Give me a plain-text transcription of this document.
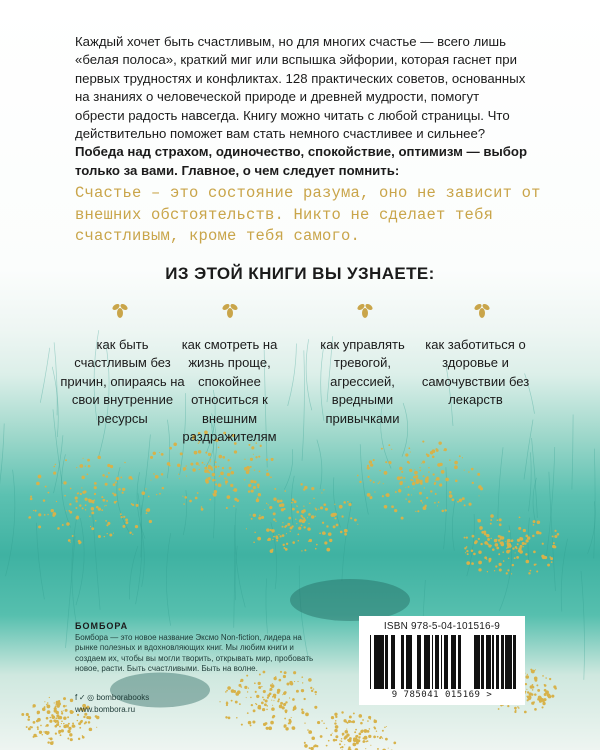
Каждый хочет быть счастливым, но для многих счастье — всего лишь «белая полоса», краткий миг или вспышка эйфории, которая гаснет при первых трудностях и конфликтах. 128 практических советов, основанных на знаниях о человеческой природе и древней мудрости, помогут обрести радость навсегда. Книгу можно читать с любой страницы. Что действительно поможет вам стать немного счастливее и сильнее? Победа над страхом, одиночество, спокойствие, оптимизм — выбор только за вами. Главное, о чем следует помнить:

Счастье – это состояние разума, оно не зависит от внешних обстоятельств. Никто не сделает тебя счастливым, кроме тебя самого.

ИЗ ЭТОЙ КНИГИ ВЫ УЗНАЕТЕ:

как быть счастливым без причин, опираясь на свои внутренние ресурсы

как смотреть на жизнь проще, спокойнее относиться к внешним раздражителям

как управлять тревогой, агрессией, вредными привычками

как заботиться о здоровье и самочувствии без лекарств

БОМБОРА

Бомбора — это новое название Эксмо Non-fiction, лидера на рынке полезных и вдохновляющих книг. Мы любим книги и создаем их, чтобы вы могли творить, открывать мир, пробовать новое, расти. Быть счастливыми. Быть на волне.

f ✓ ◎ bomborabooks

www.bombora.ru

ISBN 978-5-04-101516-9

9 785041 015169 >
